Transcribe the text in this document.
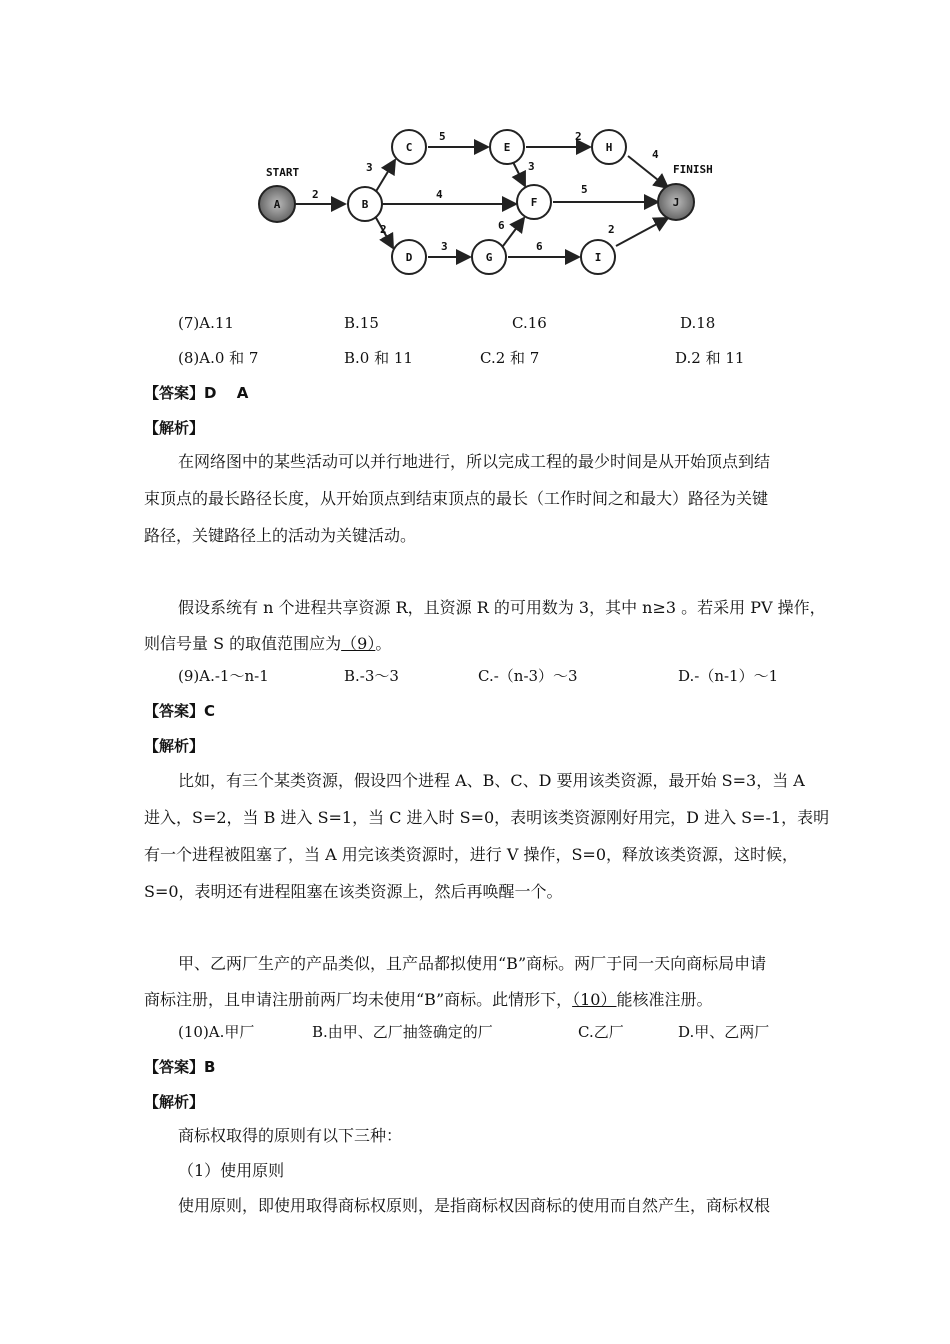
2
3
4
2
5	2
3
4
5
3
6
6
2
START	FINISH
A	B
C
D
E
F
G
H
I
J
(7)A.11	B.15	C.16	D.18
(8)A.0 和 7	B.0 和 11	C.2 和 7	D.2 和 11
【答案】D　 A
【解析】
在网络图中的某些活动可以并行地进行，所以完成工程的最少时间是从开始顶点到结
束顶点的最长路径长度，从开始顶点到结束顶点的最长（工作时间之和最大）路径为关键
路径，关键路径上的活动为关键活动。
假设系统有 n 个进程共享资源 R，且资源 R 的可用数为 3，其中 n≥3 。若采用 PV 操作，
则信号量 S 的取值范围应为（9）。
(9)A.-1～n-1	B.-3～3	C.-（n-3）～3	D.-（n-1）～1
【答案】C
【解析】
比如，有三个某类资源，假设四个进程 A、B、C、D 要用该类资源，最开始 S=3，当 A
进入，S=2，当 B 进入 S=1，当 C 进入时 S=0，表明该类资源刚好用完，D 进入 S=-1，表明
有一个进程被阻塞了，当 A 用完该类资源时，进行 V 操作，S=0，释放该类资源，这时候，
S=0，表明还有进程阻塞在该类资源上，然后再唤醒一个。
甲、乙两厂生产的产品类似，且产品都拟使用“B”商标。两厂于同一天向商标局申请
商标注册，且申请注册前两厂均未使用“B”商标。此情形下，（10）能核准注册。
(10)A.甲厂	B.由甲、乙厂抽签确定的厂	C.乙厂	D.甲、乙两厂
【答案】B
【解析】
商标权取得的原则有以下三种：
（1）使用原则
使用原则，即使用取得商标权原则，是指商标权因商标的使用而自然产生，商标权根
